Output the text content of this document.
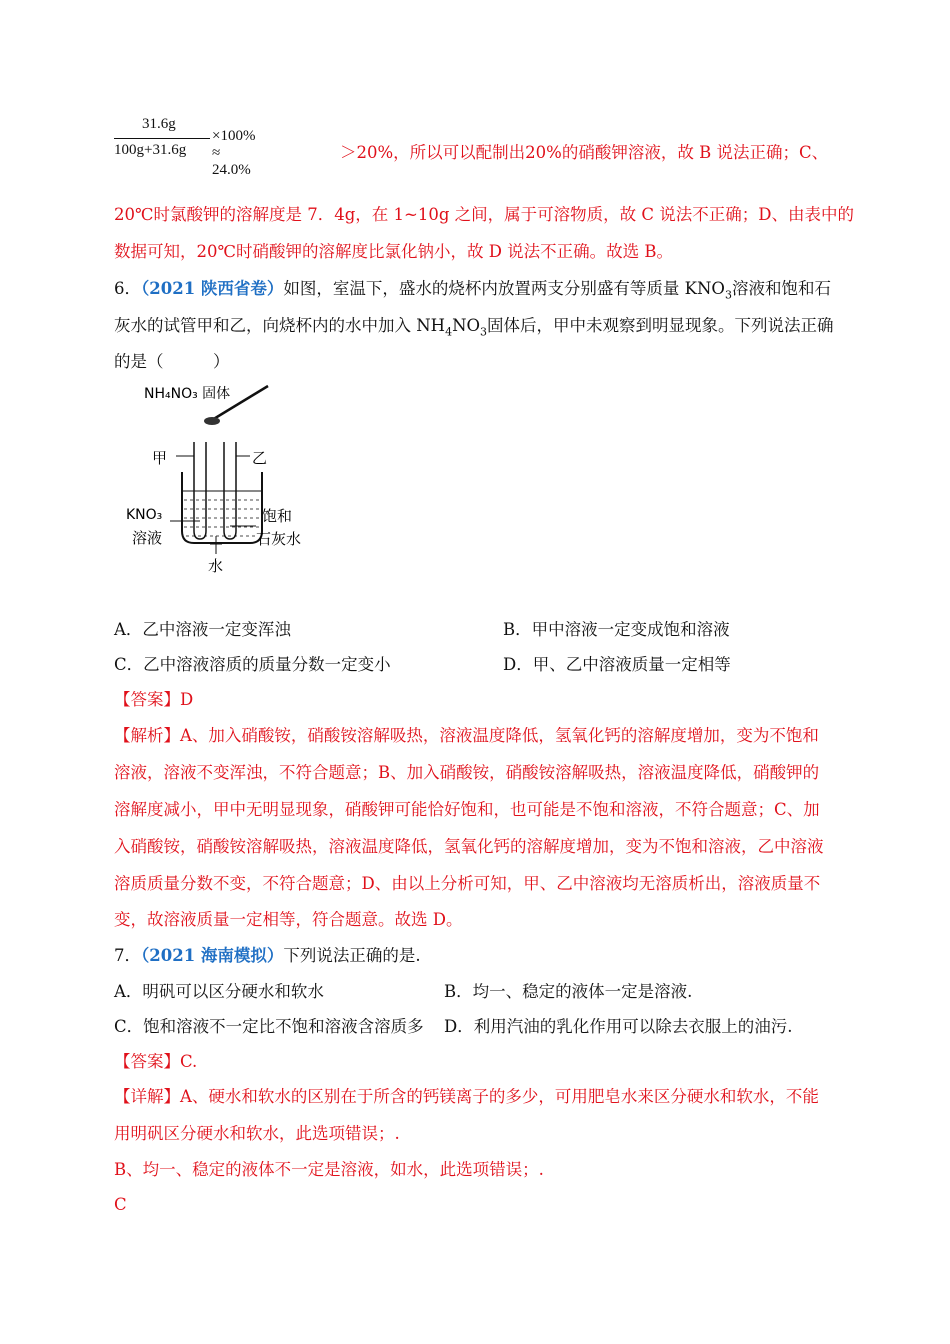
31.6g
100g+31.6g
×100% ≈ 24.0%
＞20%，所以可以配制出20%的硝酸钾溶液，故 B 说法正确；C、
20℃时氯酸钾的溶解度是 7．4g，在 1~10g 之间，属于可溶物质，故 C 说法不正确；D、由表中的
数据可知，20℃时硝酸钾的溶解度比氯化钠小，故 D 说法不正确。故选 B。
6．（2021 陕西省卷）如图，室温下，盛水的烧杯内放置两支分别盛有等质量 $KNO_3$溶液和饱和石
灰水的试管甲和乙，向烧杯内的水中加入 $NH_4NO_3$固体后，甲中未观察到明显现象。下列说法正确
的是（　　　）
NH₄NO₃ 固体
甲	乙
KNO₃
溶液
饱和
石灰水
水
A．乙中溶液一定变浑浊	B．甲中溶液一定变成饱和溶液
C．乙中溶液溶质的质量分数一定变小	D．甲、乙中溶液质量一定相等
【答案】D
【解析】A、加入硝酸铵，硝酸铵溶解吸热，溶液温度降低，氢氧化钙的溶解度增加，变为不饱和
溶液，溶液不变浑浊，不符合题意；B、加入硝酸铵，硝酸铵溶解吸热，溶液温度降低，硝酸钾的
溶解度减小，甲中无明显现象，硝酸钾可能恰好饱和，也可能是不饱和溶液，不符合题意；C、加
入硝酸铵，硝酸铵溶解吸热，溶液温度降低，氢氧化钙的溶解度增加，变为不饱和溶液，乙中溶液
溶质质量分数不变，不符合题意；D、由以上分析可知，甲、乙中溶液均无溶质析出，溶液质量不
变，故溶液质量一定相等，符合题意。故选 D。
7．（2021 海南模拟）下列说法正确的是.
A．明矾可以区分硬水和软水	B．均一、稳定的液体一定是溶液.
C．饱和溶液不一定比不饱和溶液含溶质多 D．利用汽油的乳化作用可以除去衣服上的油污.
【答案】C.
【详解】A、硬水和软水的区别在于所含的钙镁离子的多少，可用肥皂水来区分硬水和软水，不能
用明矾区分硬水和软水，此选项错误；.
B、均一、稳定的液体不一定是溶液，如水，此选项错误；.
C
